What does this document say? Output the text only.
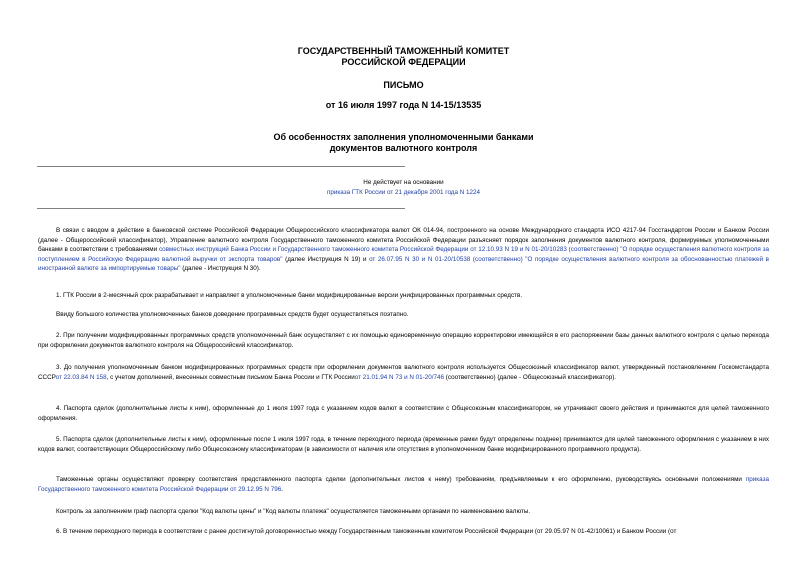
ГОСУДАРСТВЕННЫЙ ТАМОЖЕННЫЙ КОМИТЕТ
РОССИЙСКОЙ ФЕДЕРАЦИИ
ПИСЬМО
от 16 июля 1997 года N 14-15/13535
Об особенностях заполнения уполномоченными банками
документов валютного контроля
Не действует на основании
приказа ГТК России от 21 декабря 2001 года N 1224

В связи с вводом в действие в банковской системе Российской Федерации Общероссийского классификатора валют ОК 014-94, построенного на основе Международного стандарта ИСО 4217-94 Госстандартом России и Банком России (далее - Общероссийский классификатор), Управление валютного контроля Государственного таможенного комитета Российской Федерации разъясняет порядок заполнения документов валютного контроля, формируемых уполномоченными банками в соответствии с требованиями совместных инструкций Банка России и Государственного таможенного комитета Российской Федерации от 12.10.93 N 19 и N 01-20/10283 (соответственно) "О порядке осуществления валютного контроля за поступлением в Российскую Федерацию валютной выручки от экспорта товаров" (далее Инструкция N 19) и от 26.07.95 N 30 и N 01-20/10538 (соответственно) "О порядке осуществления валютного контроля за обоснованностью платежей в иностранной валюте за импортируемые товары" (далее - Инструкция N 30).

1. ГТК России в 2-месячный срок разрабатывает и направляет в уполномоченные банки модифицированные версии унифицированных программных средств.

Ввиду большого количества уполномоченных банков доведение программных средств будет осуществляться поэтапно.

2. При получении модифицированных программных средств уполномоченный банк осуществляет с их помощью единовременную операцию корректировки имеющейся в его распоряжении базы данных валютного контроля с целью перехода при оформлении документов валютного контроля на Общероссийский классификатор.

3. До получения уполномоченным банком модифицированных программных средств при оформлении документов валютного контроля используется Общесоюзный классификатор валют, утвержденный постановлением Госкомстандарта СССРот 22.03.84 N 158, с учетом дополнений, внесенных совместным письмом Банка России и ГТК Россииот 21.01.94 N 73 и N 01-20/746 (соответственно) (далее - Общесоюзный классификатор).

4. Паспорта сделок (дополнительные листы к ним), оформленные до 1 июля 1997 года с указанием кодов валют в соответствии с Общесоюзным классификатором, не утрачивают своего действия и принимаются для целей таможенного оформления.

5. Паспорта сделок (дополнительные листы к ним), оформленные после 1 июля 1997 года, в течение переходного периода (временные рамки будут определены позднее) принимаются для целей таможенного оформления с указанием в них кодов валют, соответствующих Общероссийскому либо Общесоюзному классификаторам (в зависимости от наличия или отсутствия в уполномоченном банке модифицированного программного продукта).

Таможенные органы осуществляют проверку соответствия представленного паспорта сделки (дополнительных листов к нему) требованиям, предъявляемым к его оформлению, руководствуясь основными положениями приказа Государственного таможенного комитета Российской Федерации от 29.12.95 N 796.

Контроль за заполнением граф паспорта сделки "Код валюты цены" и "Код валюты платежа" осуществляется таможенными органами по наименованию валюты.

6. В течение переходного периода в соответствии с ранее достигнутой договоренностью между Государственным таможенным комитетом Российской Федерации (от 29.05.97 N 01-42/10061) и Банком России (от
